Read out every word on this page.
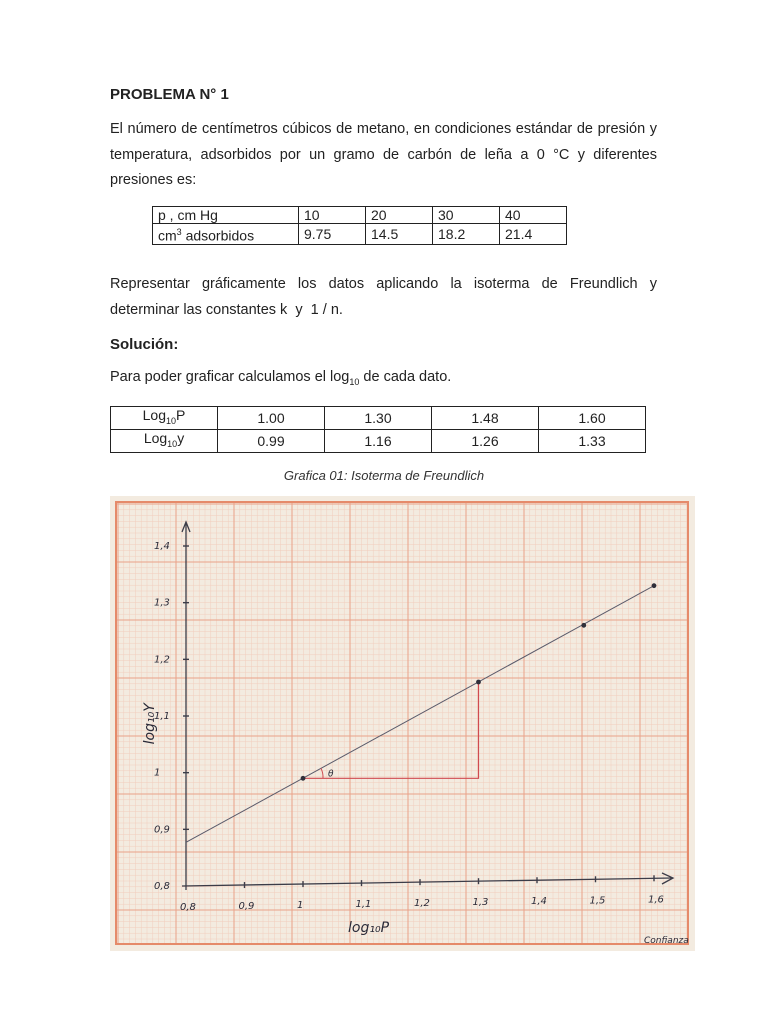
PROBLEMA N° 1
El número de centímetros cúbicos de metano, en condiciones estándar de presión y temperatura, adsorbidos por un gramo de carbón de leña a 0 °C y diferentes presiones es:
p , cm Hg	10	20	30	40
$cm^3$ adsorbidos	9.75	14.5	18.2	21.4
Representar gráficamente los datos aplicando la isoterma de Freundlich y determinar las constantes k  y  1 / n.
Solución:
Para poder graficar calculamos el $\log_{10}$ de cada dato.
Log$_{10}$P	1.00	1.30	1.48	1.60
Log$_{10}$y	0.99	1.16	1.26	1.33
Grafica 01: Isoterma de Freundlich
0,8	0,9	1	1,1	1,2	1,3	1,4	1,5	1,6
0,8
0,9
1
1,1
1,2
1,3
1,4
θ
log₁₀P
log₁₀Y
Confianza
